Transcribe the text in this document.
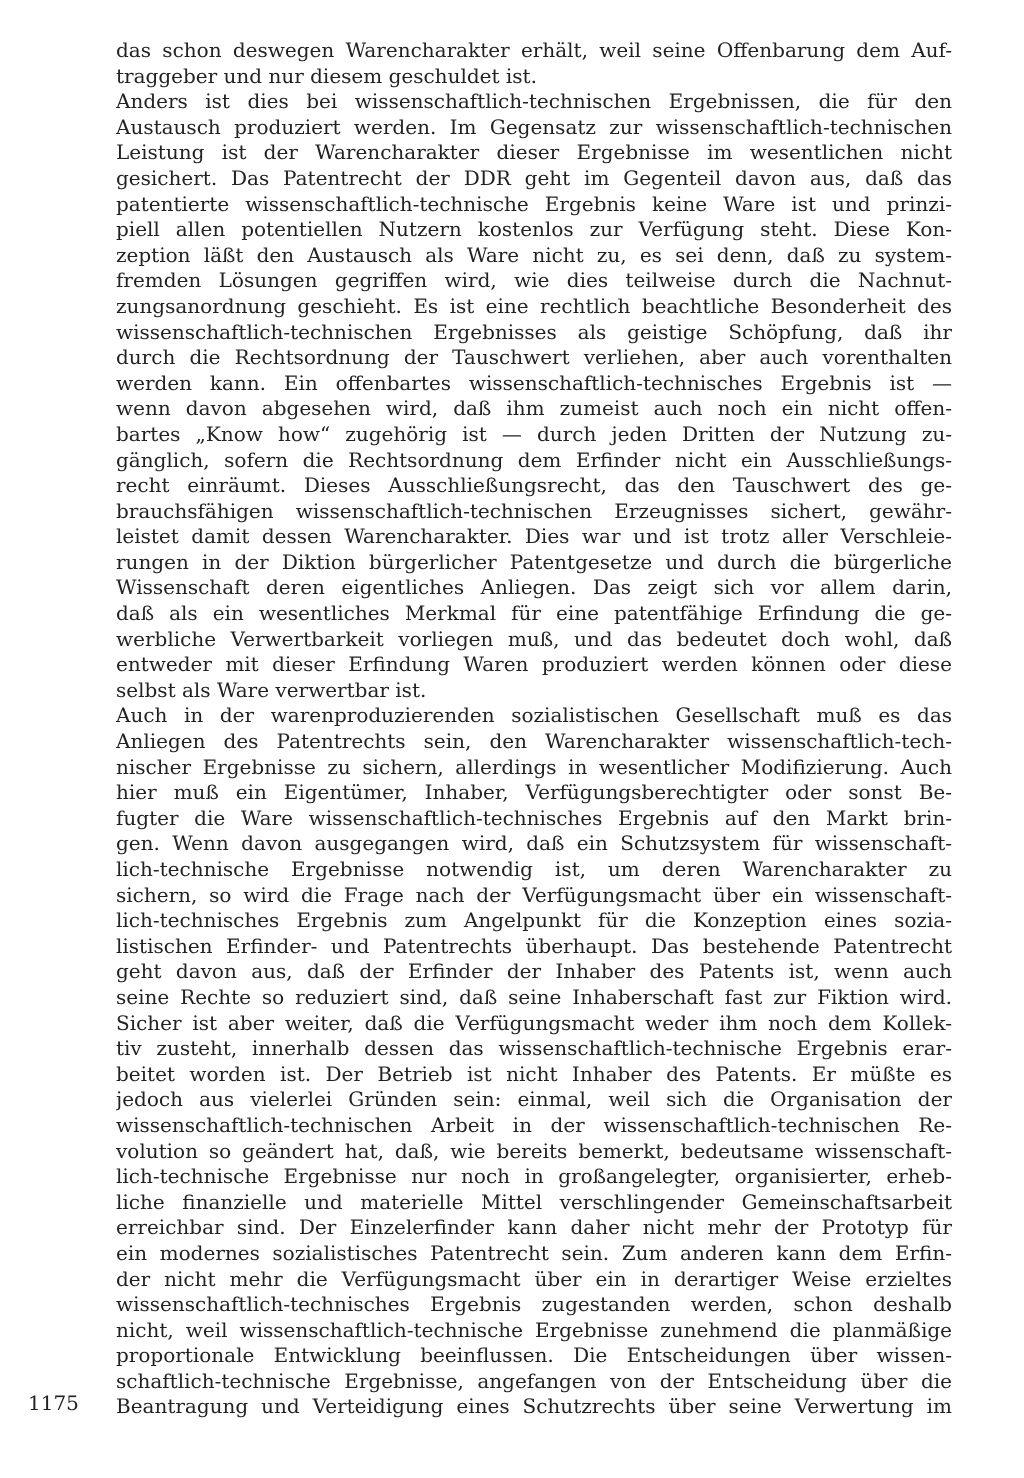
das schon deswegen Warencharakter erhält, weil seine Offenbarung dem Auf-
traggeber und nur diesem geschuldet ist.
Anders ist dies bei wissenschaftlich-technischen Ergebnissen, die für den
Austausch produziert werden. Im Gegensatz zur wissenschaftlich-technischen
Leistung ist der Warencharakter dieser Ergebnisse im wesentlichen nicht
gesichert. Das Patentrecht der DDR geht im Gegenteil davon aus, daß das
patentierte wissenschaftlich-technische Ergebnis keine Ware ist und prinzi-
piell allen potentiellen Nutzern kostenlos zur Verfügung steht. Diese Kon-
zeption läßt den Austausch als Ware nicht zu, es sei denn, daß zu system-
fremden Lösungen gegriffen wird, wie dies teilweise durch die Nachnut-
zungsanordnung geschieht. Es ist eine rechtlich beachtliche Besonderheit des
wissenschaftlich-technischen Ergebnisses als geistige Schöpfung, daß ihr
durch die Rechtsordnung der Tauschwert verliehen, aber auch vorenthalten
werden kann. Ein offenbartes wissenschaftlich-technisches Ergebnis ist —
wenn davon abgesehen wird, daß ihm zumeist auch noch ein nicht offen-
bartes „Know how“ zugehörig ist — durch jeden Dritten der Nutzung zu-
gänglich, sofern die Rechtsordnung dem Erfinder nicht ein Ausschließungs-
recht einräumt. Dieses Ausschließungsrecht, das den Tauschwert des ge-
brauchsfähigen wissenschaftlich-technischen Erzeugnisses sichert, gewähr-
leistet damit dessen Warencharakter. Dies war und ist trotz aller Verschleie-
rungen in der Diktion bürgerlicher Patentgesetze und durch die bürgerliche
Wissenschaft deren eigentliches Anliegen. Das zeigt sich vor allem darin,
daß als ein wesentliches Merkmal für eine patentfähige Erfindung die ge-
werbliche Verwertbarkeit vorliegen muß, und das bedeutet doch wohl, daß
entweder mit dieser Erfindung Waren produziert werden können oder diese
selbst als Ware verwertbar ist.
Auch in der warenproduzierenden sozialistischen Gesellschaft muß es das
Anliegen des Patentrechts sein, den Warencharakter wissenschaftlich-tech-
nischer Ergebnisse zu sichern, allerdings in wesentlicher Modifizierung. Auch
hier muß ein Eigentümer, Inhaber, Verfügungsberechtigter oder sonst Be-
fugter die Ware wissenschaftlich-technisches Ergebnis auf den Markt brin-
gen. Wenn davon ausgegangen wird, daß ein Schutzsystem für wissenschaft-
lich-technische Ergebnisse notwendig ist, um deren Warencharakter zu
sichern, so wird die Frage nach der Verfügungsmacht über ein wissenschaft-
lich-technisches Ergebnis zum Angelpunkt für die Konzeption eines sozia-
listischen Erfinder- und Patentrechts überhaupt. Das bestehende Patentrecht
geht davon aus, daß der Erfinder der Inhaber des Patents ist, wenn auch
seine Rechte so reduziert sind, daß seine Inhaberschaft fast zur Fiktion wird.
Sicher ist aber weiter, daß die Verfügungsmacht weder ihm noch dem Kollek-
tiv zusteht, innerhalb dessen das wissenschaftlich-technische Ergebnis erar-
beitet worden ist. Der Betrieb ist nicht Inhaber des Patents. Er müßte es
jedoch aus vielerlei Gründen sein: einmal, weil sich die Organisation der
wissenschaftlich-technischen Arbeit in der wissenschaftlich-technischen Re-
volution so geändert hat, daß, wie bereits bemerkt, bedeutsame wissenschaft-
lich-technische Ergebnisse nur noch in großangelegter, organisierter, erheb-
liche finanzielle und materielle Mittel verschlingender Gemeinschaftsarbeit
erreichbar sind. Der Einzelerfinder kann daher nicht mehr der Prototyp für
ein modernes sozialistisches Patentrecht sein. Zum anderen kann dem Erfin-
der nicht mehr die Verfügungsmacht über ein in derartiger Weise erzieltes
wissenschaftlich-technisches Ergebnis zugestanden werden, schon deshalb
nicht, weil wissenschaftlich-technische Ergebnisse zunehmend die planmäßige
proportionale Entwicklung beeinflussen. Die Entscheidungen über wissen-
schaftlich-technische Ergebnisse, angefangen von der Entscheidung über die
Beantragung und Verteidigung eines Schutzrechts über seine Verwertung im
1175
